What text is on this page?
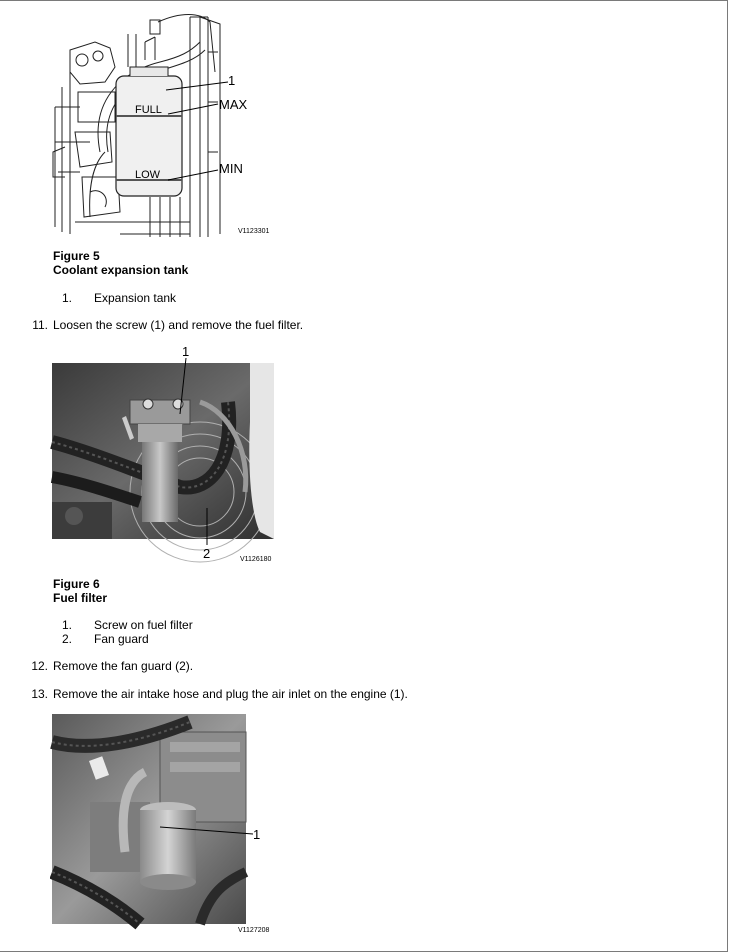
FULL
LOW
1
MAX
MIN
V1123301
Figure 5
Coolant expansion tank
1. Expansion tank
11. Loosen the screw (1) and remove the fuel filter.
1
2	V1126180
Figure 6
Fuel filter
1. Screw on fuel filter
2. Fan guard
12. Remove the fan guard (2).
13. Remove the air intake hose and plug the air inlet on the engine (1).
1
V1127208
